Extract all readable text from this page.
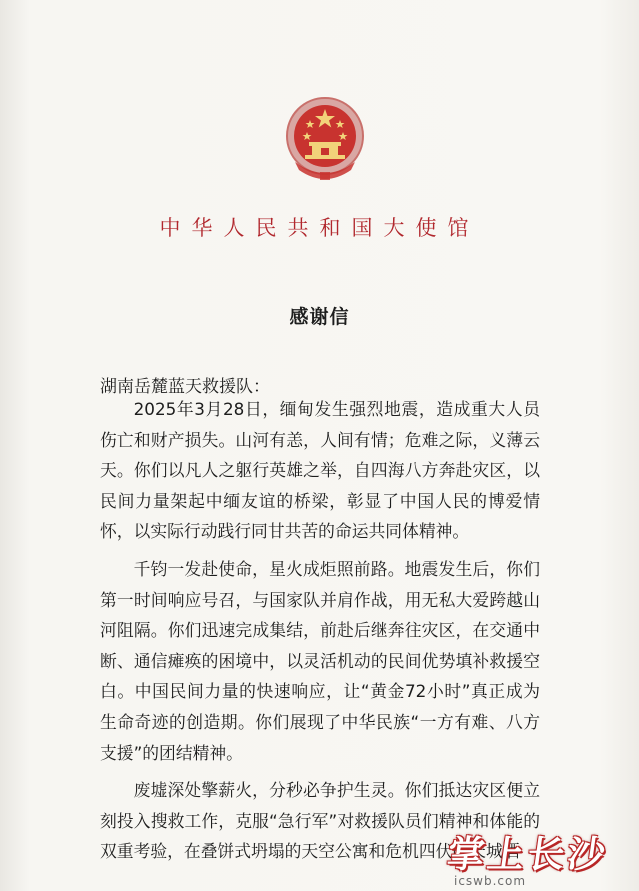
中华人民共和国大使馆
感谢信
湖南岳麓蓝天救援队：

2025年3月28日，缅甸发生强烈地震，造成重大人员伤亡和财产损失。山河有恙，人间有情；危难之际，义薄云天。你们以凡人之躯行英雄之举，自四海八方奔赴灾区，以民间力量架起中缅友谊的桥梁，彰显了中国人民的博爱情怀，以实际行动践行同甘共苦的命运共同体精神。

千钧一发赴使命，星火成炬照前路。地震发生后，你们第一时间响应号召，与国家队并肩作战，用无私大爱跨越山河阻隔。你们迅速完成集结，前赴后继奔往灾区，在交通中断、通信瘫痪的困境中，以灵活机动的民间优势填补救援空白。中国民间力量的快速响应，让“黄金72小时”真正成为生命奇迹的创造期。你们展现了中华民族“一方有难、八方支援”的团结精神。

废墟深处擎薪火，分秒必争护生灵。你们抵达灾区便立刻投入搜救工作，克服“急行军”对救援队员们精神和体能的双重考验，在叠饼式坍塌的天空公寓和危机四伏的长城酒

掌上长沙
icswb.com
